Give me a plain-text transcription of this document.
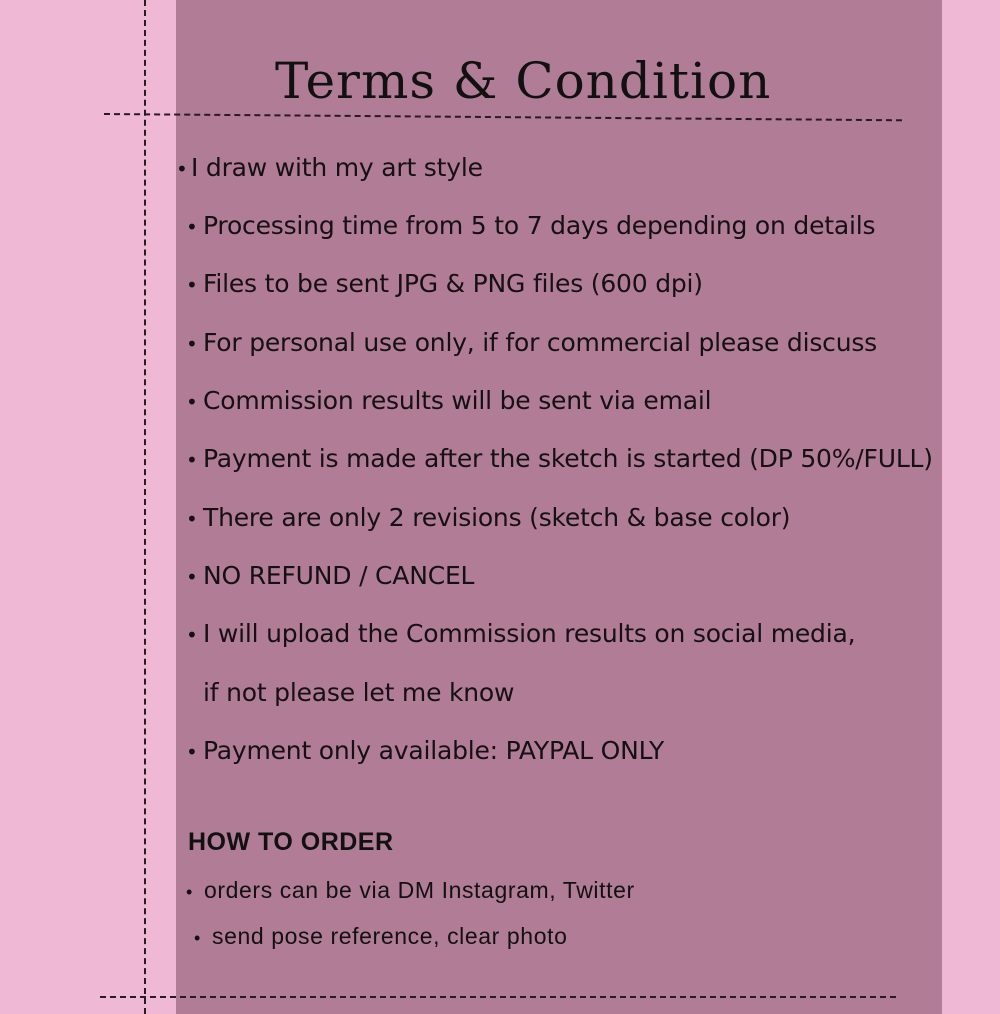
Terms & Condition
• I draw with my art style
• Processing time from 5 to 7 days depending on details
• Files to be sent JPG & PNG files (600 dpi)
• For personal use only, if for commercial please discuss
• Commission results will be sent via email
• Payment is made after the sketch is started (DP 50%/FULL)
• There are only 2 revisions (sketch & base color)
• NO REFUND / CANCEL
• I will upload the Commission results on social media,
if not please let me know
• Payment only available: PAYPAL ONLY
HOW TO ORDER
• orders can be via DM Instagram, Twitter
• send pose reference, clear photo
